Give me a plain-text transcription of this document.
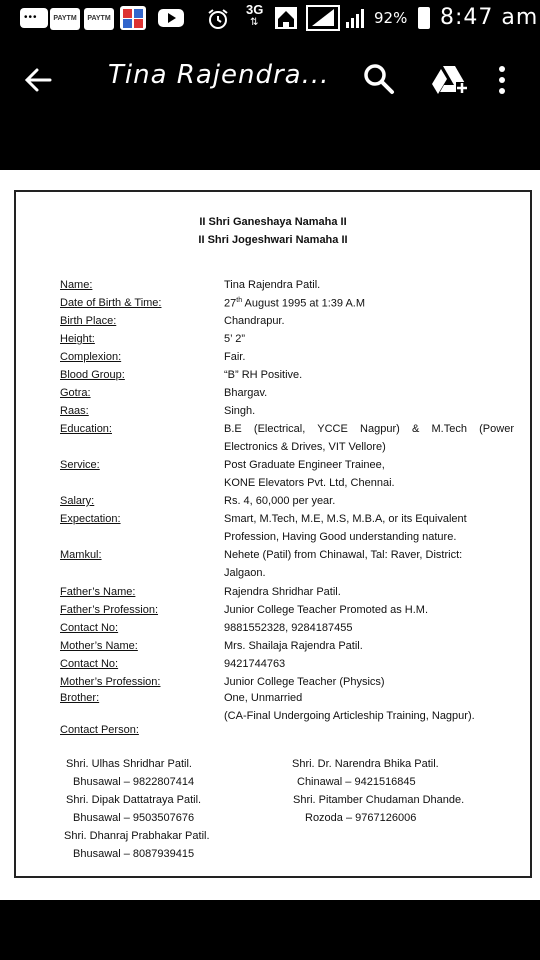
•••	PAYTM	PAYTM
3G
⇅	92% 8:47 am
Tina Rajendra...
II Shri Ganeshaya Namaha II
II Shri Jogeshwari Namaha II
Name:	Tina Rajendra Patil.
Date of Birth & Time:	27th August 1995 at 1:39 A.M
Birth Place:	Chandrapur.
Height:	5’ 2”
Complexion:	Fair.
Blood Group:	“B” RH Positive.
Gotra:	Bhargav.
Raas:	Singh.
Education:	B.E (Electrical, YCCE Nagpur) & M.Tech (Power
Electronics & Drives, VIT Vellore)
Service:	Post Graduate Engineer Trainee,
KONE Elevators Pvt. Ltd, Chennai.
Salary:	Rs. 4, 60,000 per year.
Expectation:	Smart, M.Tech, M.E, M.S, M.B.A, or its Equivalent
Profession, Having Good understanding nature.
Mamkul:	Nehete (Patil) from Chinawal, Tal: Raver, District:
Jalgaon.
Father’s Name:	Rajendra Shridhar Patil.
Father’s Profession:	Junior College Teacher Promoted as H.M.
Contact No:	9881552328, 9284187455
Mother’s Name:	Mrs. Shailaja Rajendra Patil.
Contact No:	9421744763
Mother’s Profession:	Junior College Teacher (Physics)
Brother:	One, Unmarried
(CA-Final Undergoing Articleship Training, Nagpur).
Contact Person:
Shri. Ulhas Shridhar Patil.
Bhusawal – 9822807414
Shri. Dipak Dattatraya Patil.
Bhusawal – 9503507676
Shri. Dhanraj Prabhakar Patil.
Bhusawal – 8087939415
Shri. Dr. Narendra Bhika Patil.
Chinawal – 9421516845
Shri. Pitamber Chudaman Dhande.
Rozoda – 9767126006
